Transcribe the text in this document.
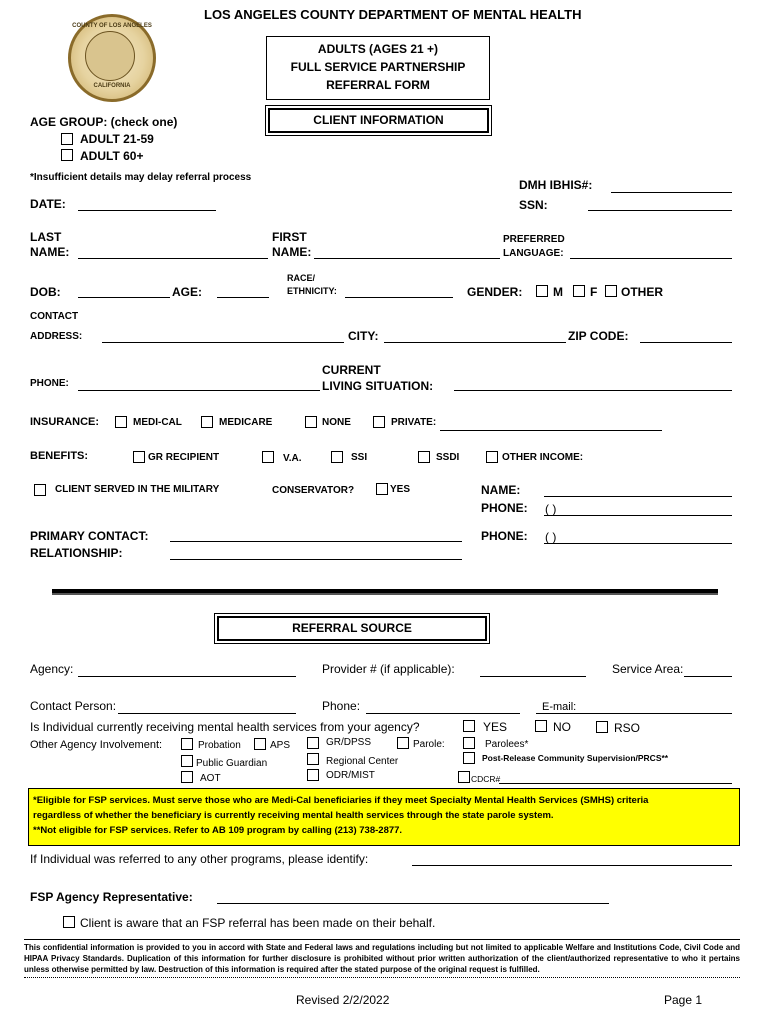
COUNTY OF LOS ANGELES
CALIFORNIA
LOS ANGELES COUNTY DEPARTMENT OF MENTAL HEALTH
ADULTS (AGES 21 +)
FULL SERVICE PARTNERSHIP
REFERRAL FORM
CLIENT INFORMATION
AGE GROUP: (check one)
ADULT 21-59
ADULT 60+
*Insufficient details may delay referral process
DMH IBHIS#:
SSN:
DATE:
LAST
NAME:
FIRST
NAME:
PREFERRED
LANGUAGE:
DOB:	AGE:
RACE/
ETHNICITY:	GENDER:	M F OTHER
CONTACT
ADDRESS:	CITY:	ZIP CODE:
PHONE:
CURRENT
LIVING SITUATION:
INSURANCE:	MEDI-CAL	MEDICARE	NONE	PRIVATE:
BENEFITS:	GR RECIPIENT	V.A.	SSI	SSDI	OTHER INCOME:
CLIENT SERVED IN THE MILITARY	CONSERVATOR?	YES	NAME:
PHONE: ( )
PRIMARY CONTACT:
RELATIONSHIP:
PHONE: ( )
REFERRAL SOURCE
Agency:	Provider # (if applicable):	Service Area:
Contact Person:	Phone:	E-mail:
Is Individual currently receiving mental health services from your agency?	YES	NO	RSO
Other Agency Involvement:	Probation	APS	GR/DPSS	Parole:	Parolees*
Public Guardian	Regional Center	Post-Release Community Supervision/PRCS**
AOT	ODR/MIST	CDCR#
*Eligible for FSP services. Must serve those who are Medi-Cal beneficiaries if they meet Specialty Mental Health Services (SMHS) criteria
regardless of whether the beneficiary is currently receiving mental health services through the state parole system.
**Not eligible for FSP services. Refer to AB 109 program by calling (213) 738-2877.
If Individual was referred to any other programs, please identify:
FSP Agency Representative:
Client is aware that an FSP referral has been made on their behalf.
This confidential information is provided to you in accord with State and Federal laws and regulations including but not limited to applicable Welfare and Institutions Code, Civil Code and HIPAA Privacy Standards. Duplication of this information for further disclosure is prohibited without prior written authorization of the client/authorized representative to who it pertains unless otherwise permitted by law. Destruction of this information is required after the stated purpose of the original request is fulfilled.
Revised 2/2/2022	Page 1
